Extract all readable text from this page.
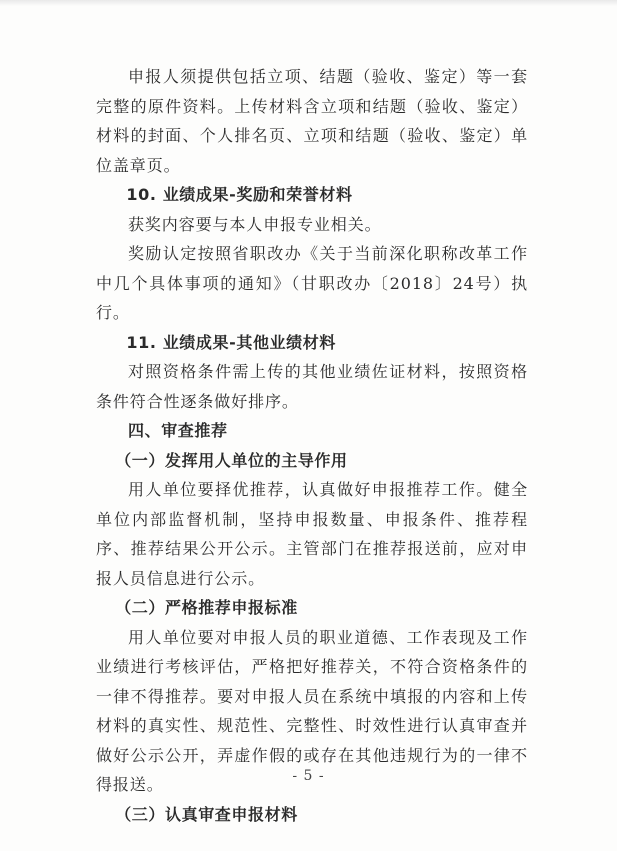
申报人须提供包括立项、结题（验收、鉴定）等一套完整的原件资料。上传材料含立项和结题（验收、鉴定）材料的封面、个人排名页、立项和结题（验收、鉴定）单位盖章页。

10. 业绩成果-奖励和荣誉材料

获奖内容要与本人申报专业相关。

奖励认定按照省职改办《关于当前深化职称改革工作中几个具体事项的通知》（甘职改办〔2018〕24号）执行。

11. 业绩成果-其他业绩材料

对照资格条件需上传的其他业绩佐证材料，按照资格条件符合性逐条做好排序。

四、审查推荐

（一）发挥用人单位的主导作用

用人单位要择优推荐，认真做好申报推荐工作。健全单位内部监督机制，坚持申报数量、申报条件、推荐程序、推荐结果公开公示。主管部门在推荐报送前，应对申报人员信息进行公示。

（二）严格推荐申报标准

用人单位要对申报人员的职业道德、工作表现及工作业绩进行考核评估，严格把好推荐关，不符合资格条件的一律不得推荐。要对申报人员在系统中填报的内容和上传材料的真实性、规范性、完整性、时效性进行认真审查并做好公示公开，弄虚作假的或存在其他违规行为的一律不得报送。

（三）认真审查申报材料

- 5 -
